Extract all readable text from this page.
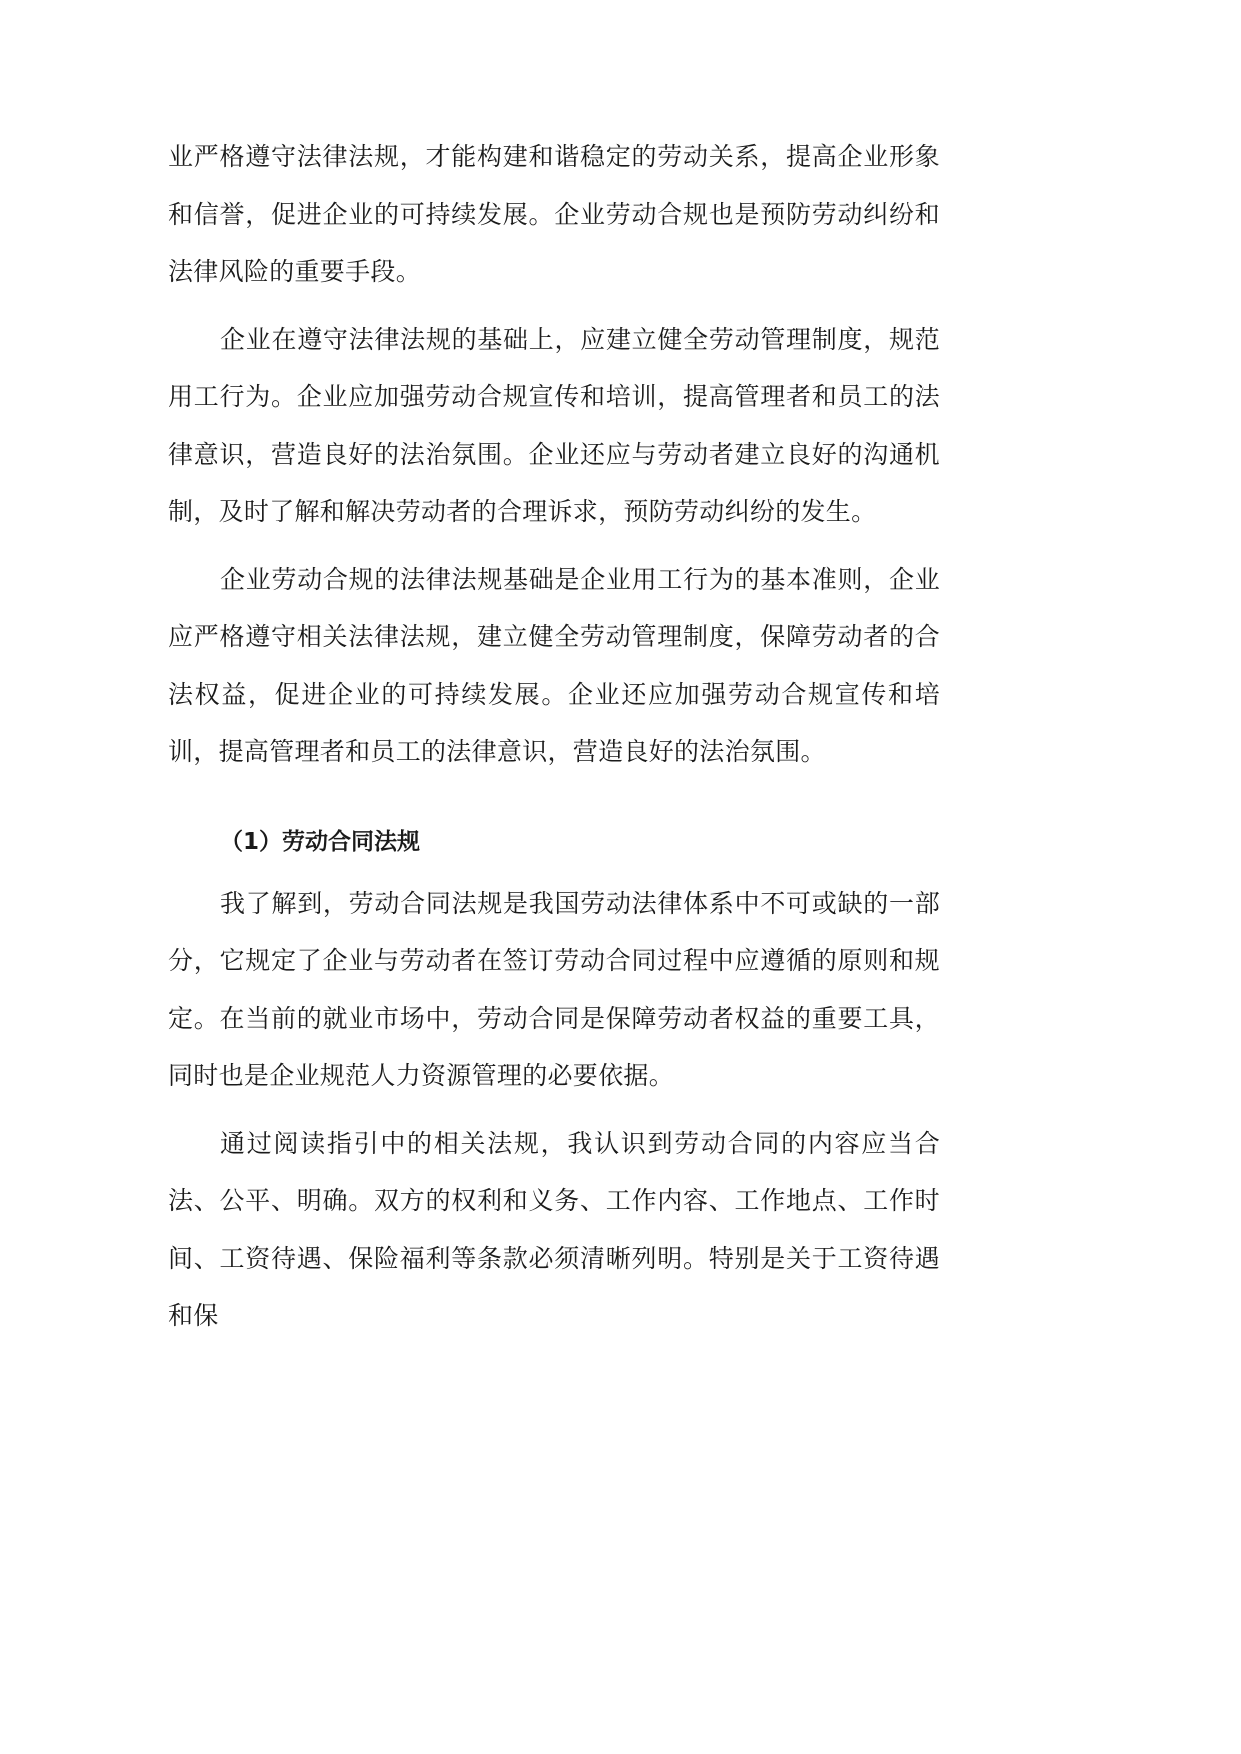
业严格遵守法律法规，才能构建和谐稳定的劳动关系，提高企业形象和信誉，促进企业的可持续发展。企业劳动合规也是预防劳动纠纷和法律风险的重要手段。

企业在遵守法律法规的基础上，应建立健全劳动管理制度，规范用工行为。企业应加强劳动合规宣传和培训，提高管理者和员工的法律意识，营造良好的法治氛围。企业还应与劳动者建立良好的沟通机制，及时了解和解决劳动者的合理诉求，预防劳动纠纷的发生。

企业劳动合规的法律法规基础是企业用工行为的基本准则，企业应严格遵守相关法律法规，建立健全劳动管理制度，保障劳动者的合法权益，促进企业的可持续发展。企业还应加强劳动合规宣传和培训，提高管理者和员工的法律意识，营造良好的法治氛围。

（1）劳动合同法规

我了解到，劳动合同法规是我国劳动法律体系中不可或缺的一部分，它规定了企业与劳动者在签订劳动合同过程中应遵循的原则和规定。在当前的就业市场中，劳动合同是保障劳动者权益的重要工具，同时也是企业规范人力资源管理的必要依据。

通过阅读指引中的相关法规，我认识到劳动合同的内容应当合法、公平、明确。双方的权利和义务、工作内容、工作地点、工作时间、工资待遇、保险福利等条款必须清晰列明。特别是关于工资待遇和保
